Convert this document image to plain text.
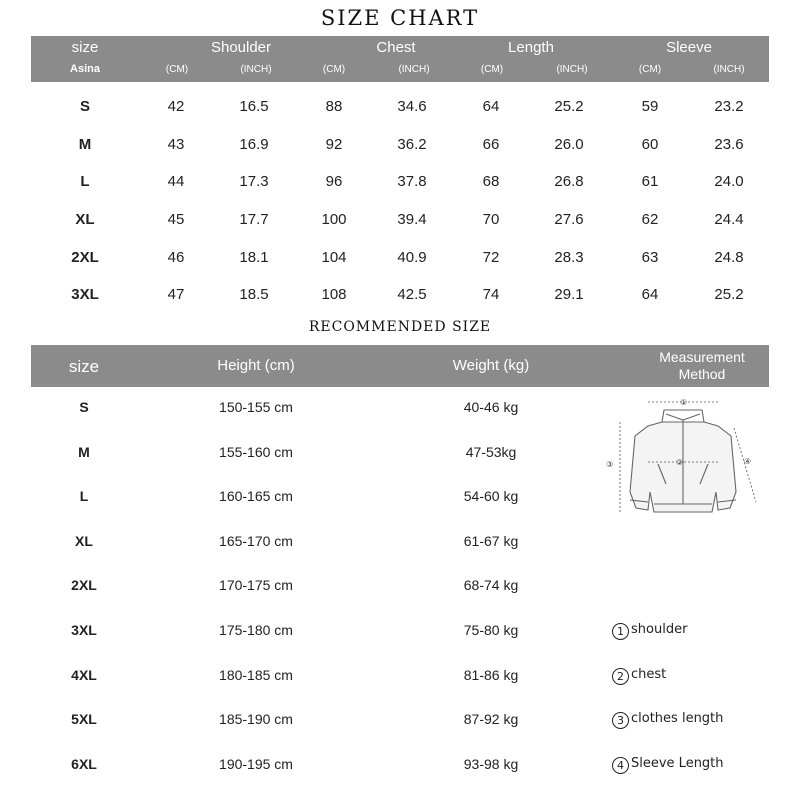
SIZE CHART
size
Asina
Shoulder	Chest	Length	Sleeve
(CM)	(INCH)	(CM)	(INCH)	(CM)	(INCH)	(CM)	(INCH)
S	42	16.5	88	34.6	64	25.2	59	23.2
M	43	16.9	92	36.2	66	26.0	60	23.6
L	44	17.3	96	37.8	68	26.8	61	24.0
XL	45	17.7	100	39.4	70	27.6	62	24.4
2XL	46	18.1	104	40.9	72	28.3	63	24.8
3XL	47	18.5	108	42.5	74	29.1	64	25.2
RECOMMENDED SIZE
size	Height (cm)	Weight (kg)	Measurement
Method
S	150-155 cm	40-46 kg
M	155-160 cm	47-53kg
L	160-165 cm	54-60 kg
XL	165-170 cm	61-67 kg
2XL	170-175 cm	68-74 kg
3XL	175-180 cm	75-80 kg
4XL	180-185 cm	81-86 kg
5XL	185-190 cm	87-92 kg
6XL	190-195 cm	93-98 kg
①
②
③	④
1 shoulder
2 chest
3 clothes length
4 Sleeve Length
